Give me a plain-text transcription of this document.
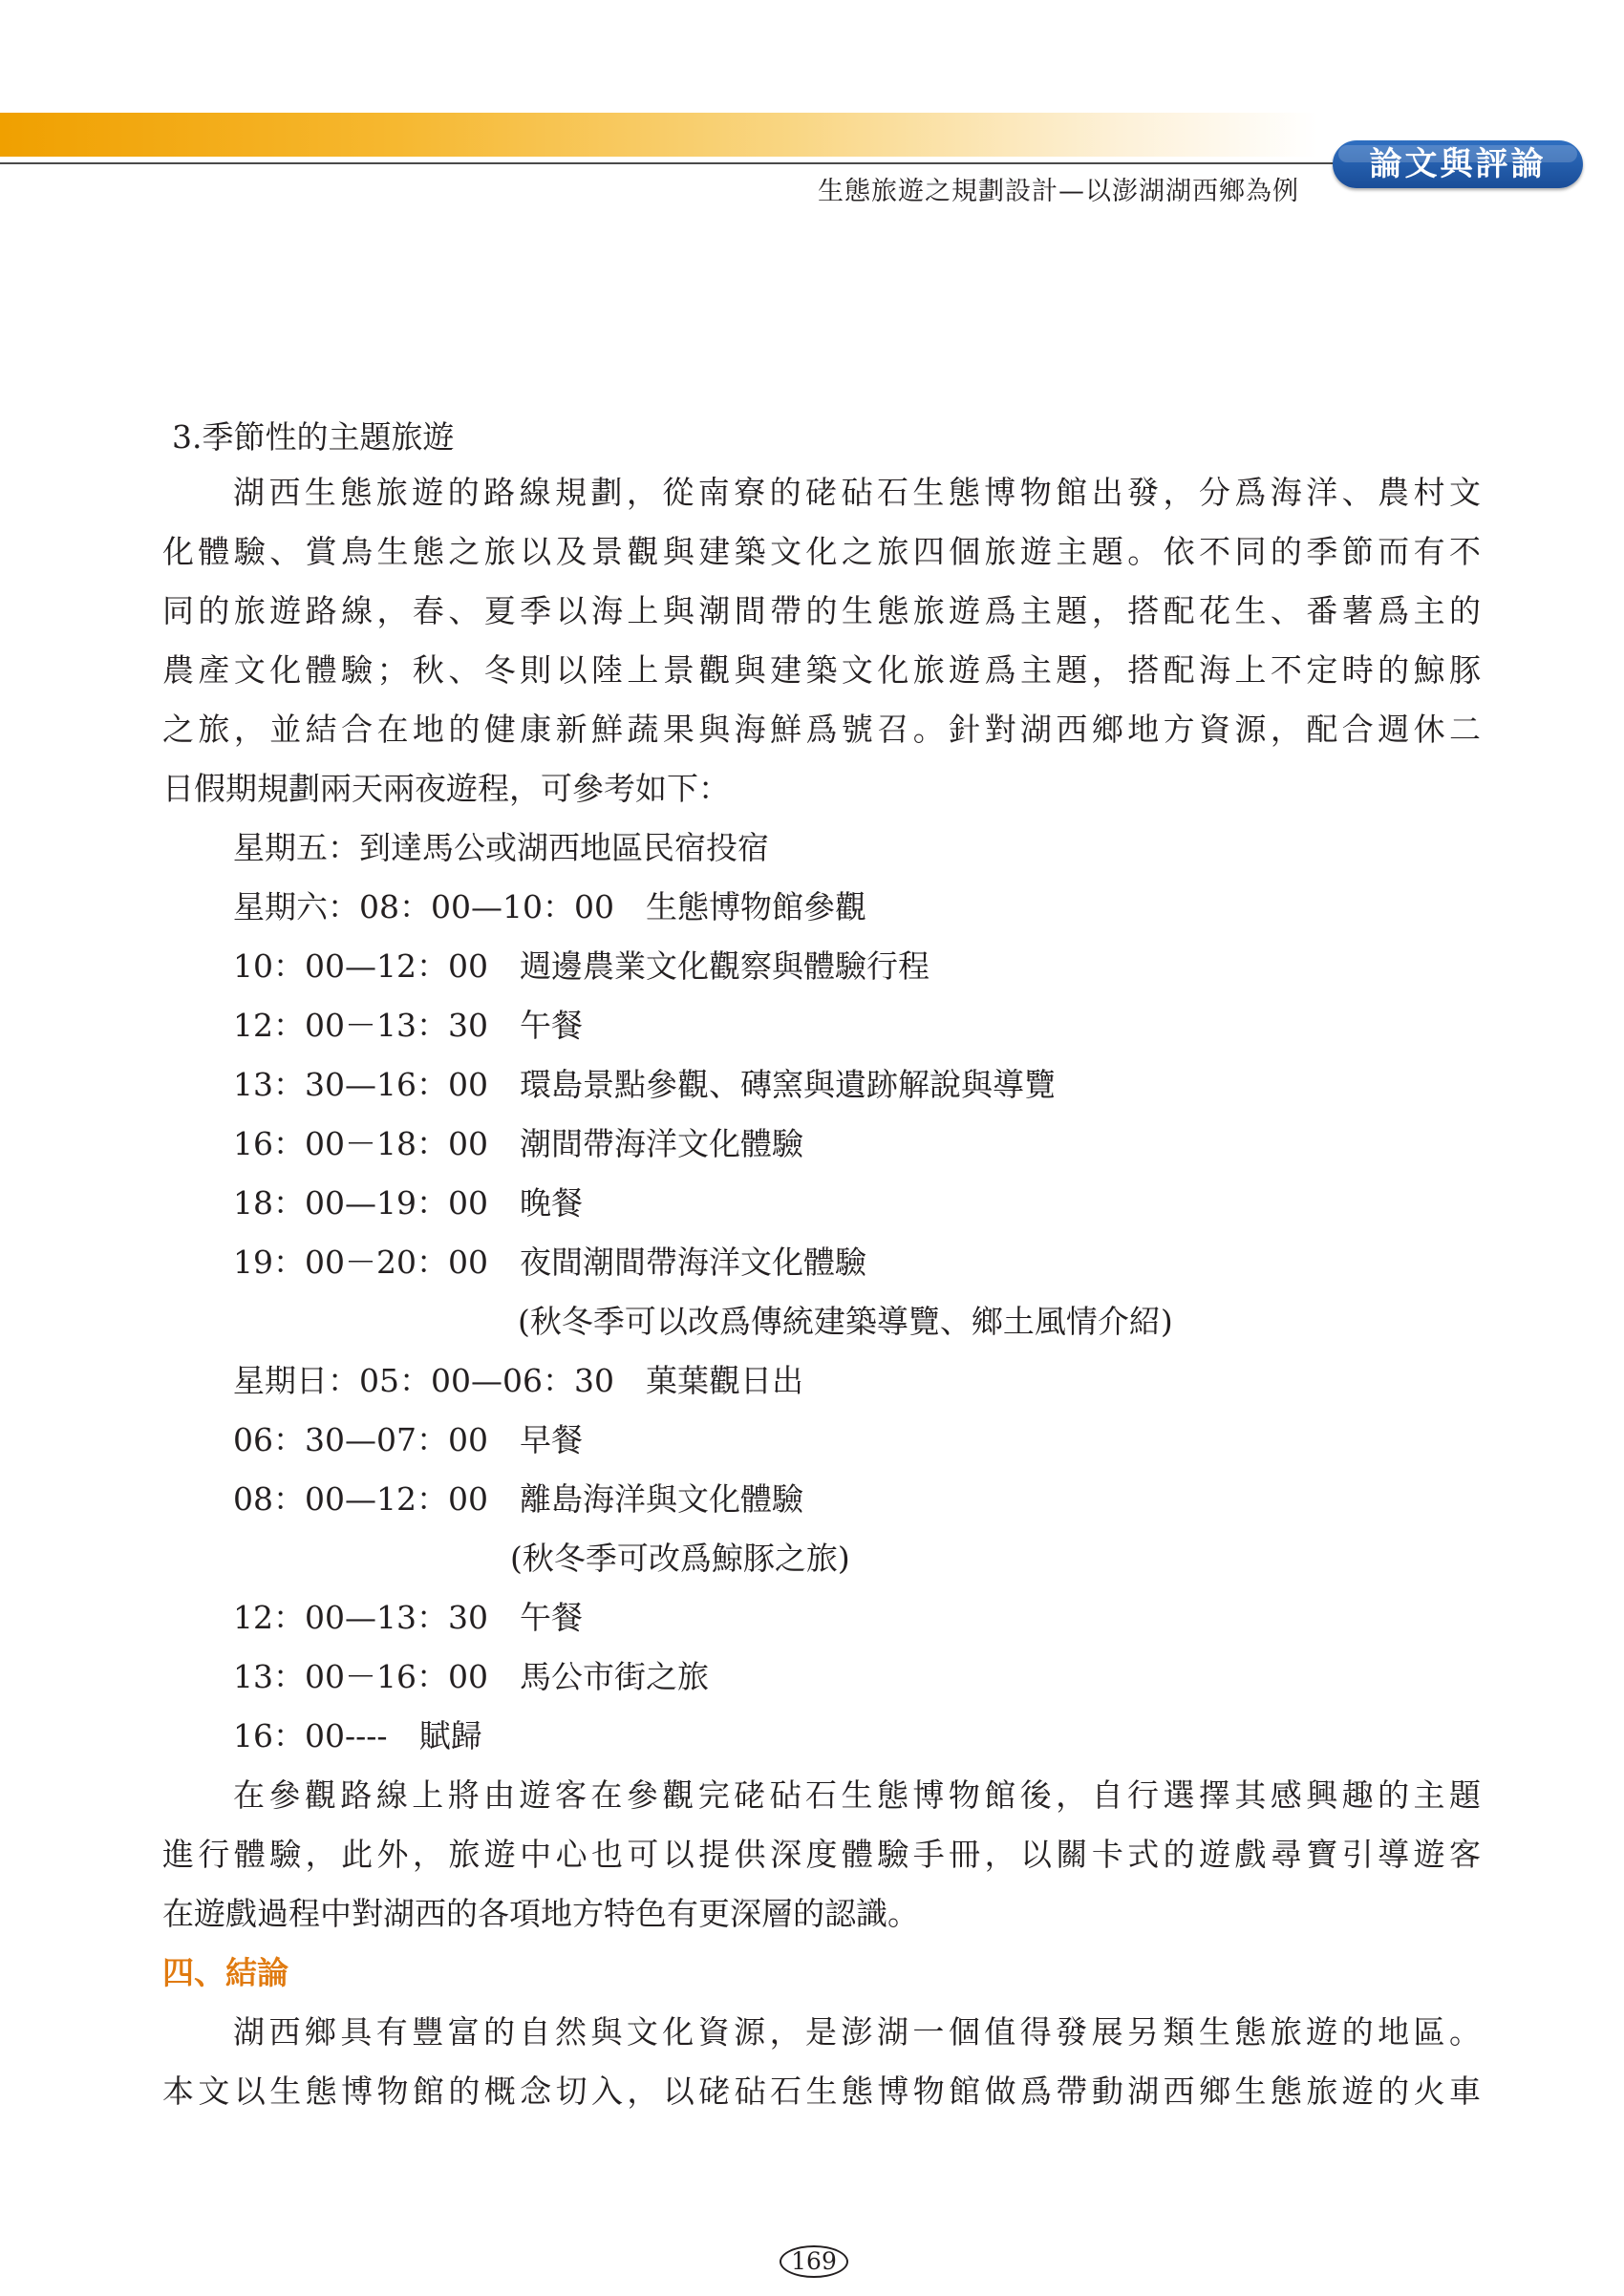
生態旅遊之規劃設計—以澎湖湖西鄉為例
論文與評論
3.季節性的主題旅遊
湖西生態旅遊的路線規劃，從南寮的硓砧石生態博物館出發，分爲海洋、農村文
化體驗、賞鳥生態之旅以及景觀與建築文化之旅四個旅遊主題。依不同的季節而有不
同的旅遊路線，春、夏季以海上與潮間帶的生態旅遊爲主題，搭配花生、番薯爲主的
農產文化體驗；秋、冬則以陸上景觀與建築文化旅遊爲主題，搭配海上不定時的鯨豚
之旅，並結合在地的健康新鮮蔬果與海鮮爲號召。針對湖西鄉地方資源，配合週休二
日假期規劃兩天兩夜遊程，可參考如下：
星期五：到達馬公或湖西地區民宿投宿
星期六：08：00—10：00　生態博物館參觀
10：00—12：00　週邊農業文化觀察與體驗行程
12：00－13：30　午餐
13：30—16：00　環島景點參觀、磚窯與遺跡解說與導覽
16：00－18：00　潮間帶海洋文化體驗
18：00—19：00　晚餐
19：00－20：00　夜間潮間帶海洋文化體驗
(秋冬季可以改爲傳統建築導覽、鄉土風情介紹)
星期日：05：00—06：30　菓葉觀日出
06：30—07：00　早餐
08：00—12：00　離島海洋與文化體驗
(秋冬季可改爲鯨豚之旅)
12：00—13：30　午餐
13：00－16：00　馬公市街之旅
16：00----　賦歸
在參觀路線上將由遊客在參觀完硓砧石生態博物館後，自行選擇其感興趣的主題
進行體驗，此外，旅遊中心也可以提供深度體驗手冊，以關卡式的遊戲尋寶引導遊客
在遊戲過程中對湖西的各項地方特色有更深層的認識。
四、結論
湖西鄉具有豐富的自然與文化資源，是澎湖一個值得發展另類生態旅遊的地區。
本文以生態博物館的概念切入，以硓砧石生態博物館做爲帶動湖西鄉生態旅遊的火車
169
